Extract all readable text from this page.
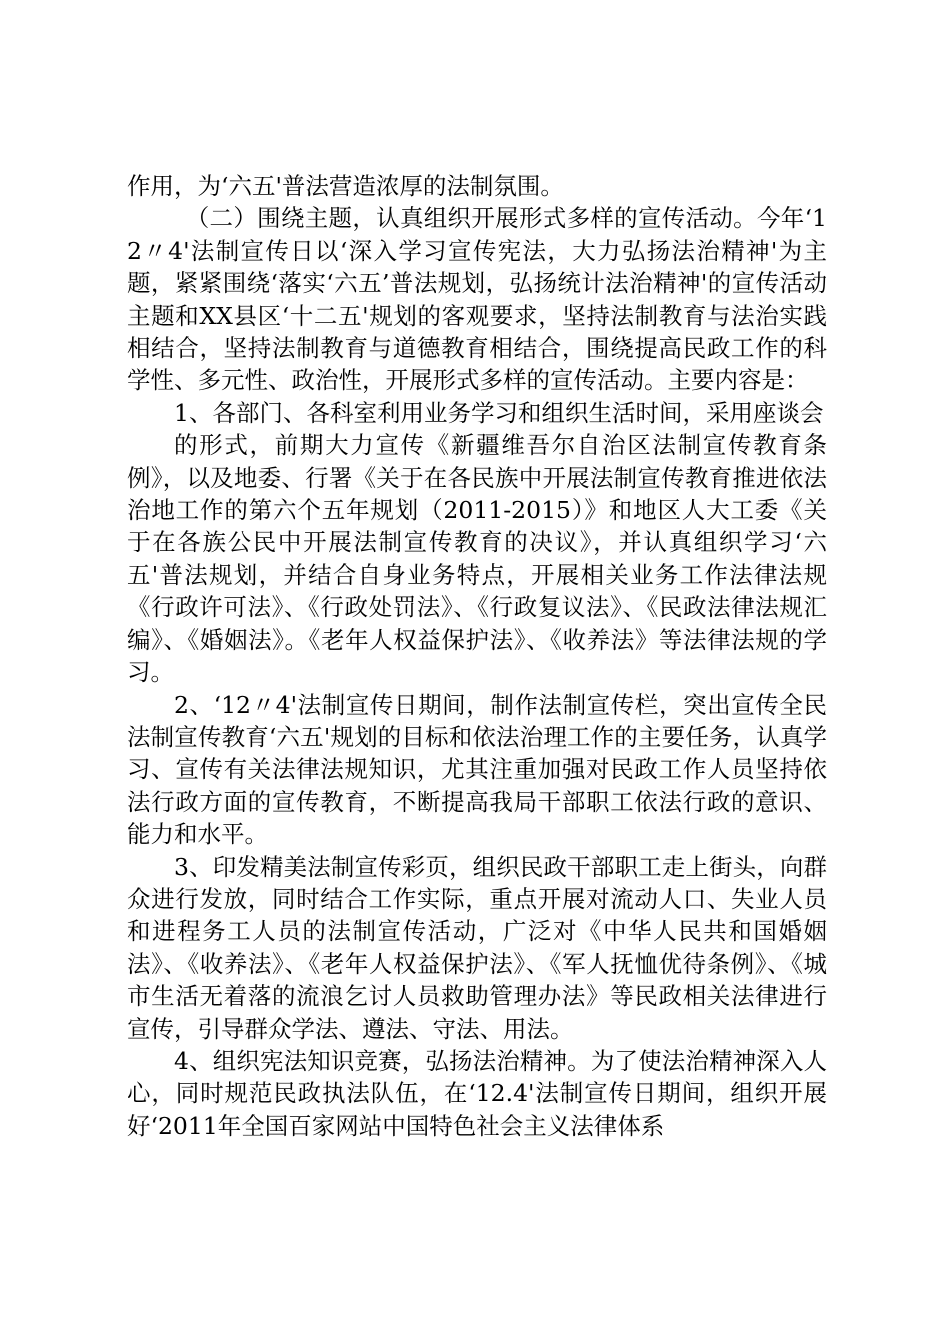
作用，为‘六五'普法营造浓厚的法制氛围。

（二）围绕主题，认真组织开展形式多样的宣传活动。今年‘12〃4'法制宣传日以‘深入学习宣传宪法，大力弘扬法治精神'为主题，紧紧围绕‘落实‘六五’普法规划，弘扬统计法治精神'的宣传活动主题和XX县区‘十二五'规划的客观要求，坚持法制教育与法治实践相结合，坚持法制教育与道德教育相结合，围绕提高民政工作的科学性、多元性、政治性，开展形式多样的宣传活动。主要内容是：

1、各部门、各科室利用业务学习和组织生活时间，采用座谈会

的形式，前期大力宣传《新疆维吾尔自治区法制宣传教育条例》，以及地委、行署《关于在各民族中开展法制宣传教育推进依法治地工作的第六个五年规划（2011-2015）》和地区人大工委《关于在各族公民中开展法制宣传教育的决议》，并认真组织学习‘六五'普法规划，并结合自身业务特点，开展相关业务工作法律法规《行政许可法》、《行政处罚法》、《行政复议法》、《民政法律法规汇编》、《婚姻法》。《老年人权益保护法》、《收养法》等法律法规的学习。

2、‘12〃4'法制宣传日期间，制作法制宣传栏，突出宣传全民法制宣传教育‘六五'规划的目标和依法治理工作的主要任务，认真学习、宣传有关法律法规知识，尤其注重加强对民政工作人员坚持依法行政方面的宣传教育，不断提高我局干部职工依法行政的意识、能力和水平。

3、印发精美法制宣传彩页，组织民政干部职工走上街头，向群众进行发放，同时结合工作实际，重点开展对流动人口、失业人员和进程务工人员的法制宣传活动，广泛对《中华人民共和国婚姻法》、《收养法》、《老年人权益保护法》、《军人抚恤优待条例》、《城市生活无着落的流浪乞讨人员救助管理办法》等民政相关法律进行宣传，引导群众学法、遵法、守法、用法。

4、组织宪法知识竞赛，弘扬法治精神。为了使法治精神深入人心，同时规范民政执法队伍，在‘12.4'法制宣传日期间，组织开展好‘2011年全国百家网站中国特色社会主义法律体系
